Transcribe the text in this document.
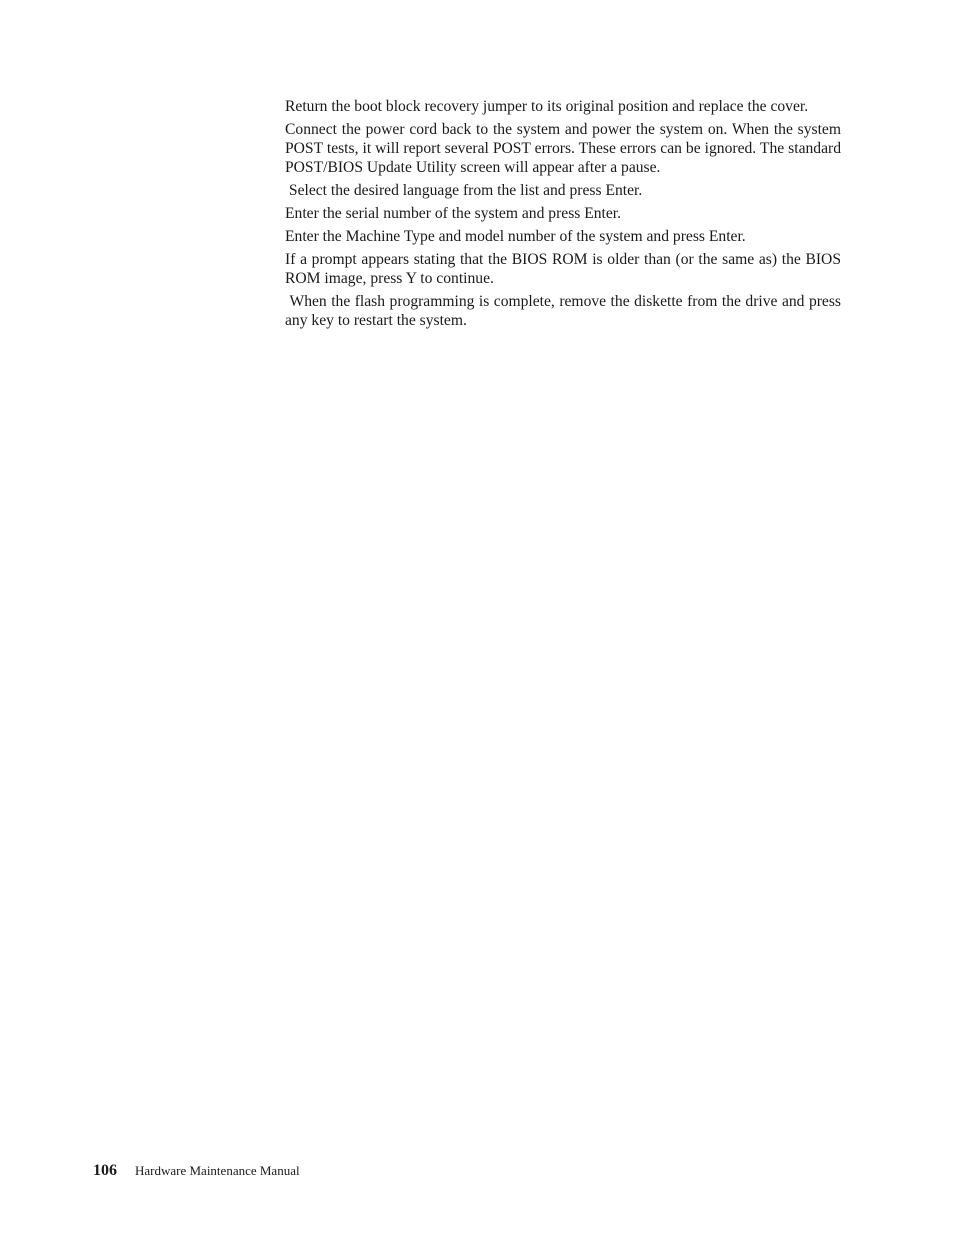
Return the boot block recovery jumper to its original position and replace the cover.

Connect the power cord back to the system and power the system on. When the system POST tests, it will report several POST errors. These errors can be ignored. The standard POST/BIOS Update Utility screen will appear after a pause.

Select the desired language from the list and press Enter.

Enter the serial number of the system and press Enter.

Enter the Machine Type and model number of the system and press Enter.

If a prompt appears stating that the BIOS ROM is older than (or the same as) the BIOS ROM image, press Y to continue.

When the flash programming is complete, remove the diskette from the drive and press any key to restart the system.

106 Hardware Maintenance Manual
